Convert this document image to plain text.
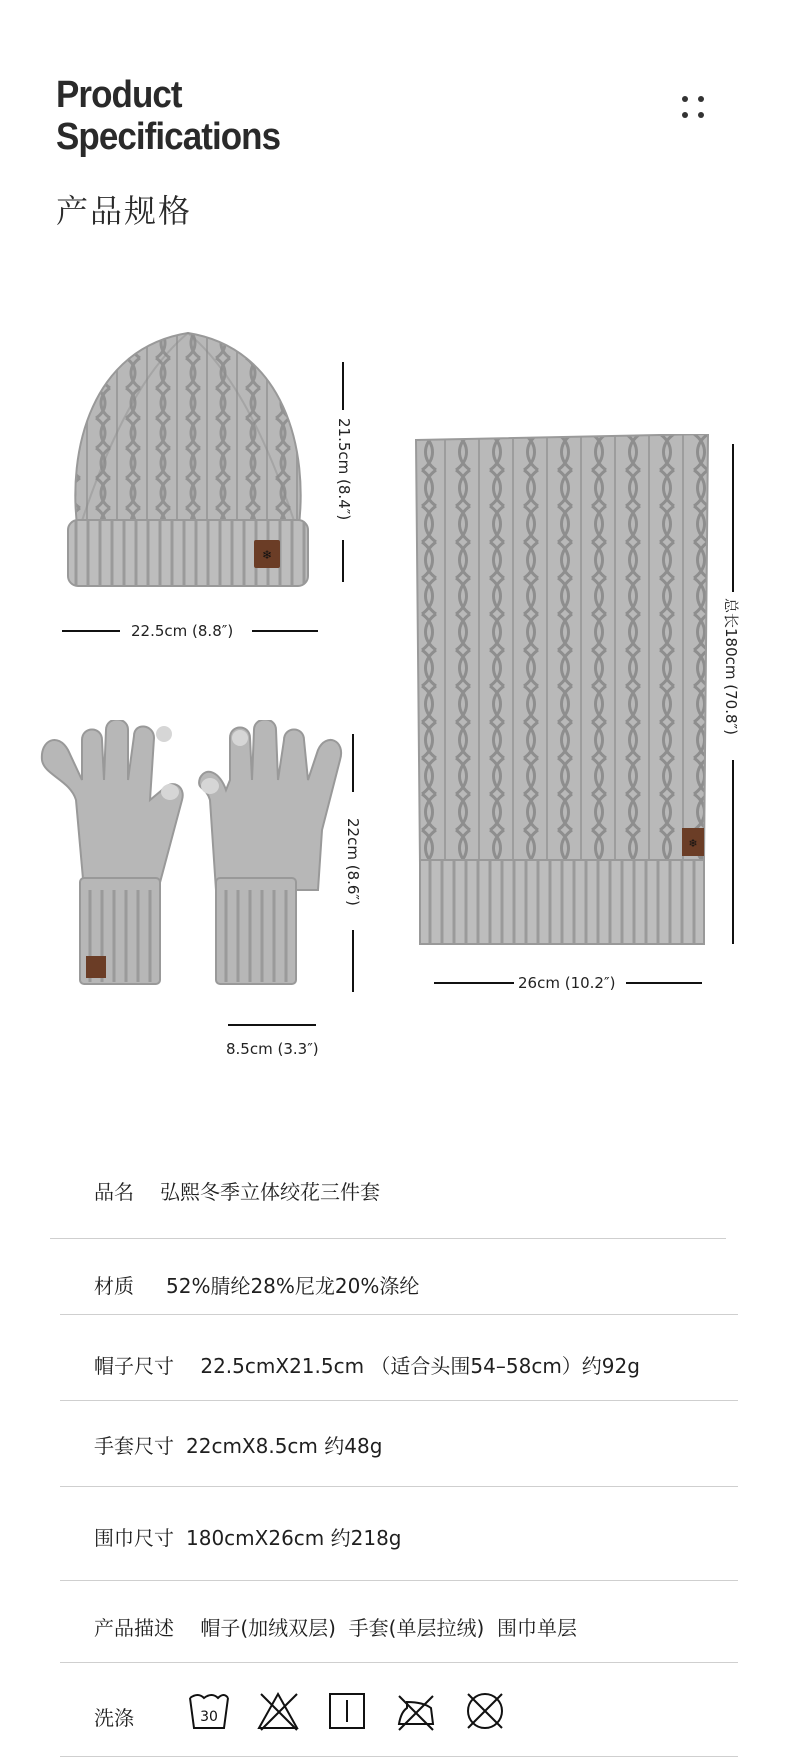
Product
Specifications
产品规格
❄
21.5cm (8.4″)
22.5cm (8.8″)
22cm (8.6″)
8.5cm (3.3″)
❄
总长180cm (70.8″)
26cm (10.2″)
品名 弘熙冬季立体绞花三件套
材质 52%腈纶28%尼龙20%涤纶
帽子尺寸 22.5cmX21.5cm （适合头围54–58cm）约92g
手套尺寸 22cmX8.5cm 约48g
围巾尺寸 180cmX26cm 约218g
产品描述 帽子(加绒双层)  手套(单层拉绒)  围巾单层
洗涤	30
